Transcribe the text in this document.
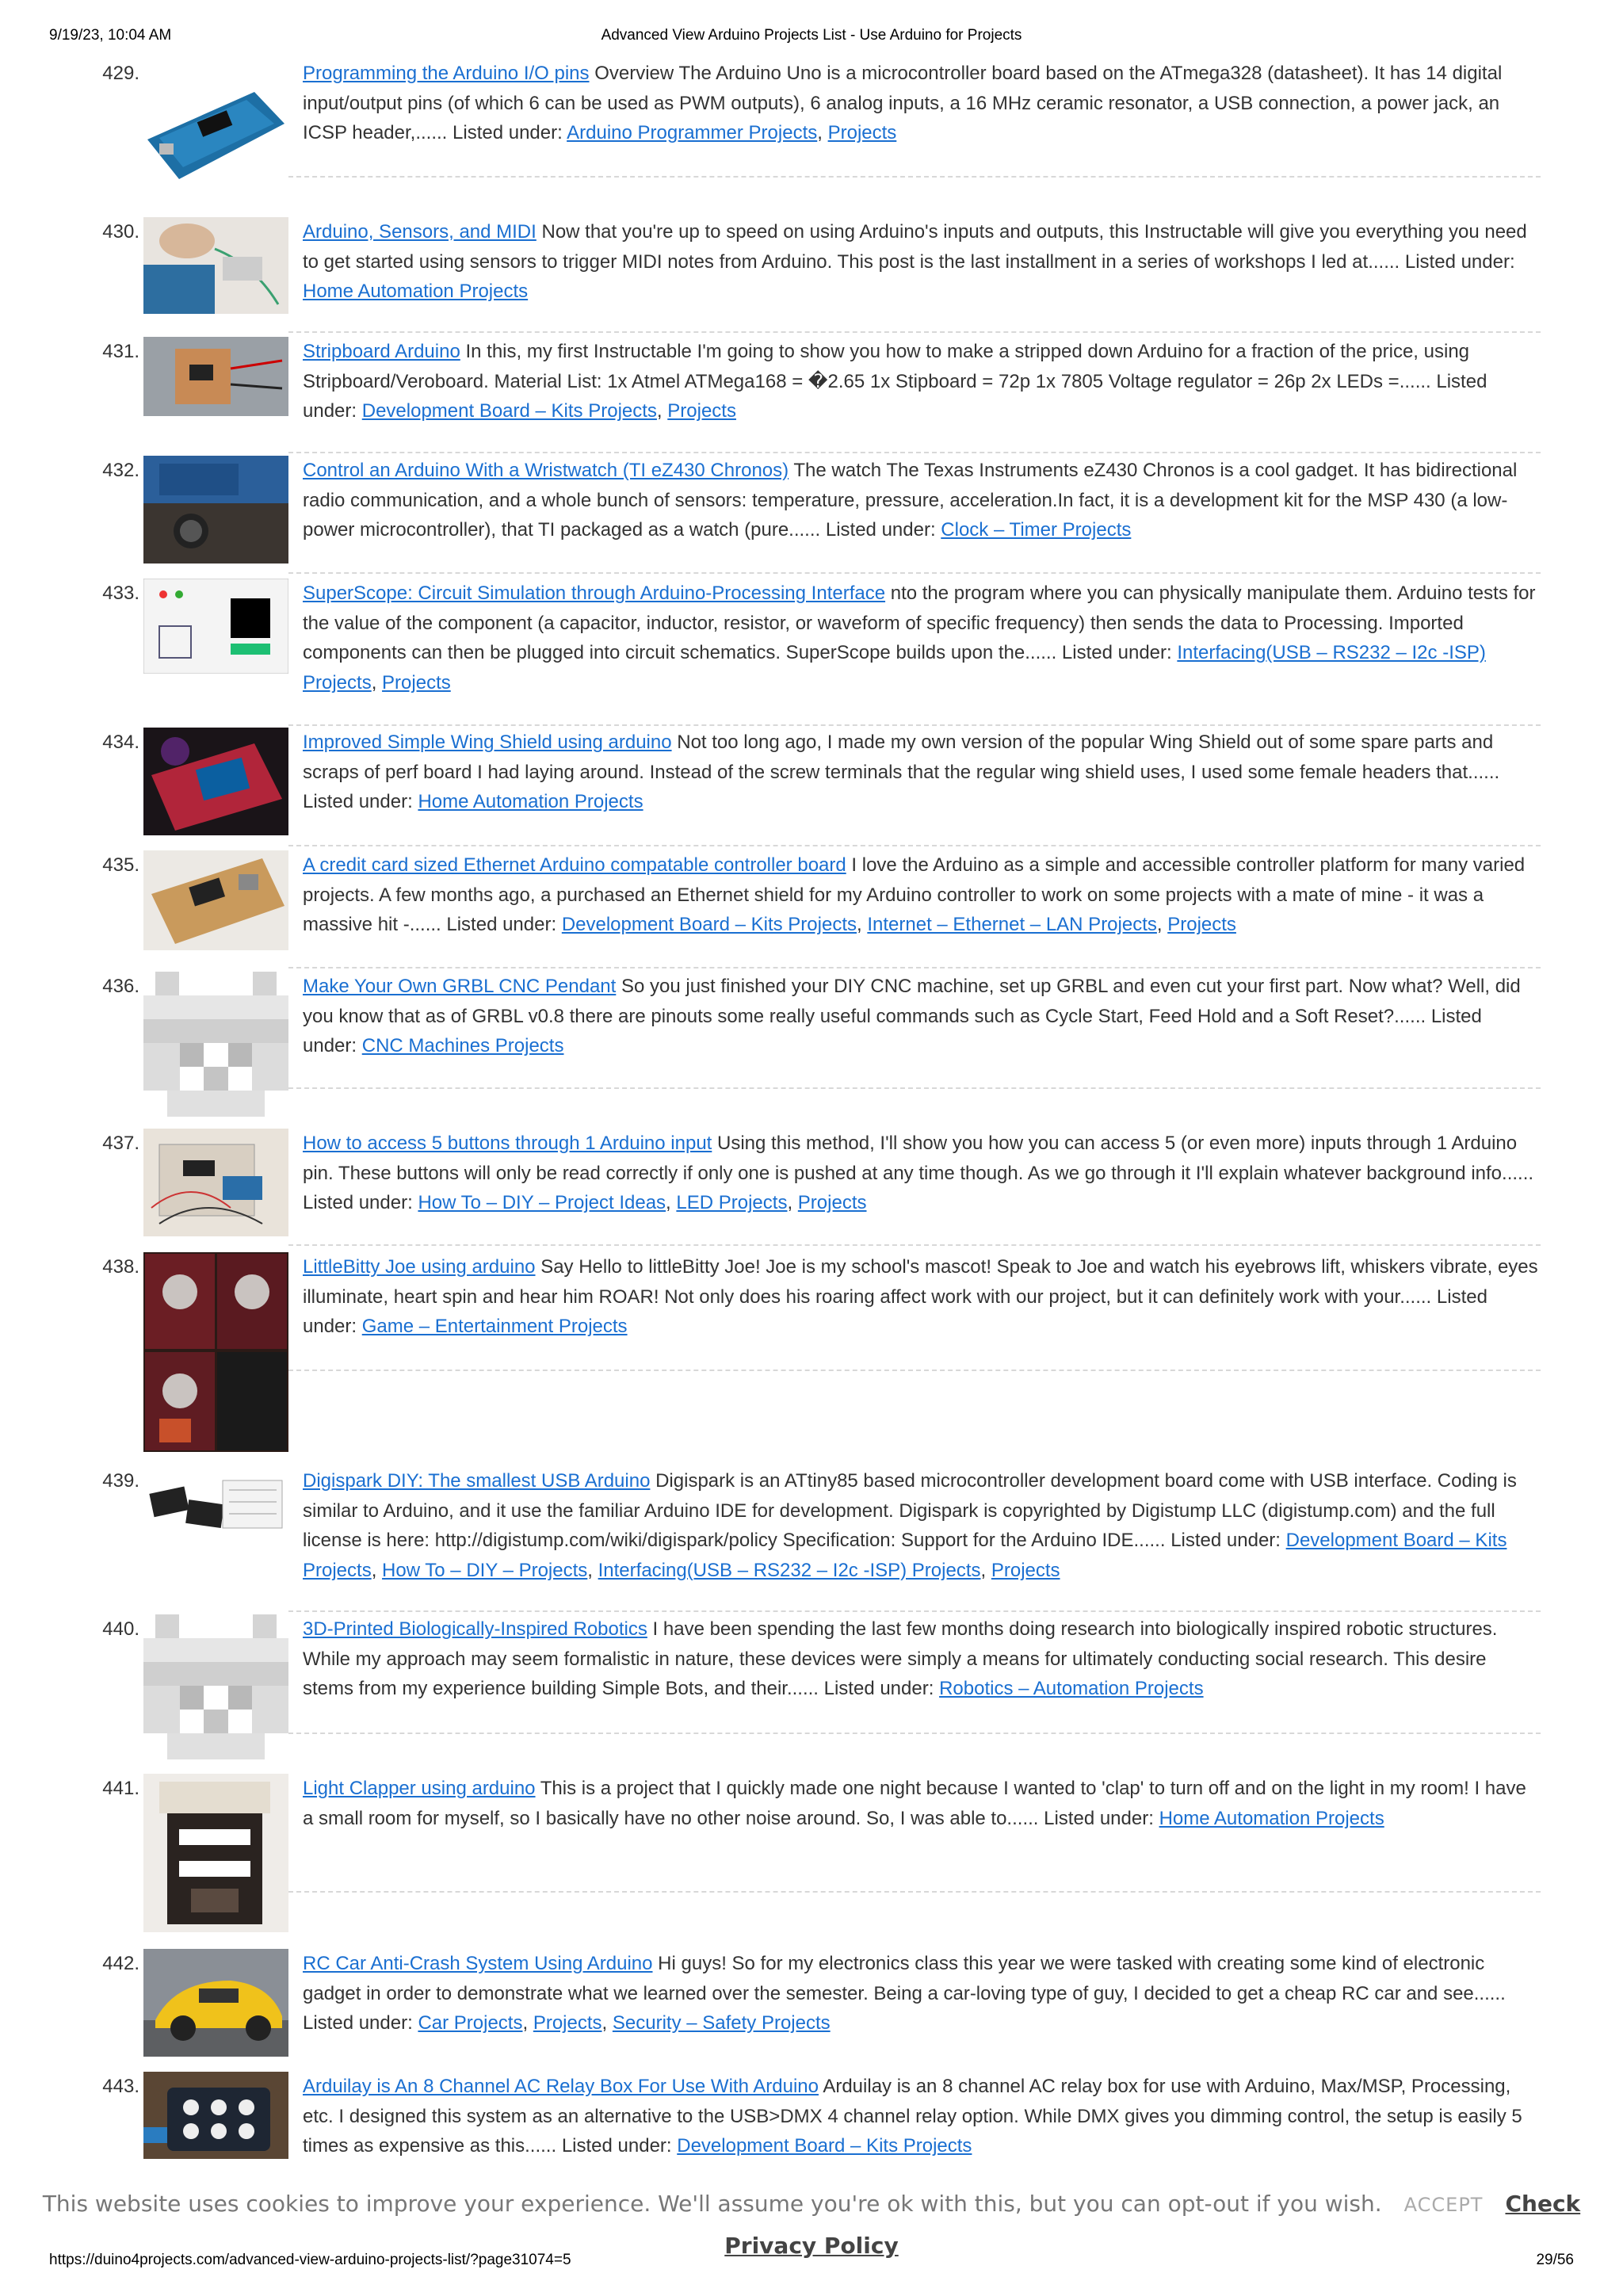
9/19/23, 10:04 AM	Advanced View Arduino Projects List - Use Arduino for Projects
429.	Programming the Arduino I/O pins Overview The Arduino Uno is a microcontroller board based on the ATmega328 (datasheet). It has 14 digital input/output pins (of which 6 can be used as PWM outputs), 6 analog inputs, a 16 MHz ceramic resonator, a USB connection, a power jack, an ICSP header,...... Listed under: Arduino Programmer Projects, Projects
430.	Arduino, Sensors, and MIDI Now that you're up to speed on using Arduino's inputs and outputs, this Instructable will give you everything you need to get started using sensors to trigger MIDI notes from Arduino. This post is the last installment in a series of workshops I led at...... Listed under: Home Automation Projects
431.	Stripboard Arduino In this, my first Instructable I'm going to show you how to make a stripped down Arduino for a fraction of the price, using Stripboard/Veroboard. Material List: 1x Atmel ATMega168 = �2.65 1x Stipboard = 72p 1x 7805 Voltage regulator = 26p 2x LEDs =...... Listed under: Development Board – Kits Projects, Projects
432.	Control an Arduino With a Wristwatch (TI eZ430 Chronos) The watch The Texas Instruments eZ430 Chronos is a cool gadget. It has bidirectional radio communication, and a whole bunch of sensors: temperature, pressure, acceleration.In fact, it is a development kit for the MSP 430 (a low-power microcontroller), that TI packaged as a watch (pure...... Listed under: Clock – Timer Projects
433.	SuperScope: Circuit Simulation through Arduino-Processing Interface nto the program where you can physically manipulate them. Arduino tests for the value of the component (a capacitor, inductor, resistor, or waveform of specific frequency) then sends the data to Processing. Imported components can then be plugged into circuit schematics. SuperScope builds upon the...... Listed under: Interfacing(USB – RS232 – I2c -ISP) Projects, Projects
434.	Improved Simple Wing Shield using arduino Not too long ago, I made my own version of the popular Wing Shield out of some spare parts and scraps of perf board I had laying around. Instead of the screw terminals that the regular wing shield uses, I used some female headers that...... Listed under: Home Automation Projects
435.	A credit card sized Ethernet Arduino compatable controller board I love the Arduino as a simple and accessible controller platform for many varied projects. A few months ago, a purchased an Ethernet shield for my Arduino controller to work on some projects with a mate of mine - it was a massive hit -...... Listed under: Development Board – Kits Projects, Internet – Ethernet – LAN Projects, Projects
436.	Make Your Own GRBL CNC Pendant So you just finished your DIY CNC machine, set up GRBL and even cut your first part. Now what? Well, did you know that as of GRBL v0.8 there are pinouts some really useful commands such as Cycle Start, Feed Hold and a Soft Reset?...... Listed under: CNC Machines Projects
437.	How to access 5 buttons through 1 Arduino input Using this method, I'll show you how you can access 5 (or even more) inputs through 1 Arduino pin. These buttons will only be read correctly if only one is pushed at any time though. As we go through it I'll explain whatever background info...... Listed under: How To – DIY – Project Ideas, LED Projects, Projects
438.	LittleBitty Joe using arduino Say Hello to littleBitty Joe! Joe is my school's mascot! Speak to Joe and watch his eyebrows lift, whiskers vibrate, eyes illuminate, heart spin and hear him ROAR! Not only does his roaring affect work with our project, but it can definitely work with your...... Listed under: Game – Entertainment Projects
439.	Digispark DIY: The smallest USB Arduino Digispark is an ATtiny85 based microcontroller development board come with USB interface. Coding is similar to Arduino, and it use the familiar Arduino IDE for development. Digispark is copyrighted by Digistump LLC (digistump.com) and the full license is here: http://digistump.com/wiki/digispark/policy Specification: Support for the Arduino IDE...... Listed under: Development Board – Kits Projects, How To – DIY – Projects, Interfacing(USB – RS232 – I2c -ISP) Projects, Projects
440.	3D-Printed Biologically-Inspired Robotics I have been spending the last few months doing research into biologically inspired robotic structures. While my approach may seem formalistic in nature, these devices were simply a means for ultimately conducting social research. This desire stems from my experience building Simple Bots, and their...... Listed under: Robotics – Automation Projects
441.	Light Clapper using arduino This is a project that I quickly made one night because I wanted to 'clap' to turn off and on the light in my room! I have a small room for myself, so I basically have no other noise around. So, I was able to...... Listed under: Home Automation Projects
442.	RC Car Anti-Crash System Using Arduino Hi guys! So for my electronics class this year we were tasked with creating some kind of electronic gadget in order to demonstrate what we learned over the semester. Being a car-loving type of guy, I decided to get a cheap RC car and see...... Listed under: Car Projects, Projects, Security – Safety Projects
443.	Arduilay is An 8 Channel AC Relay Box For Use With Arduino Arduilay is an 8 channel AC relay box for use with Arduino, Max/MSP, Processing, etc. I designed this system as an alternative to the USB>DMX 4 channel relay option. While DMX gives you dimming control, the setup is easily 5 times as expensive as this...... Listed under: Development Board – Kits Projects
This website uses cookies to improve your experience. We'll assume you're ok with this, but you can opt-out if you wish. ACCEPT Check Privacy Policy
https://duino4projects.com/advanced-view-arduino-projects-list/?page31074=5	29/56
